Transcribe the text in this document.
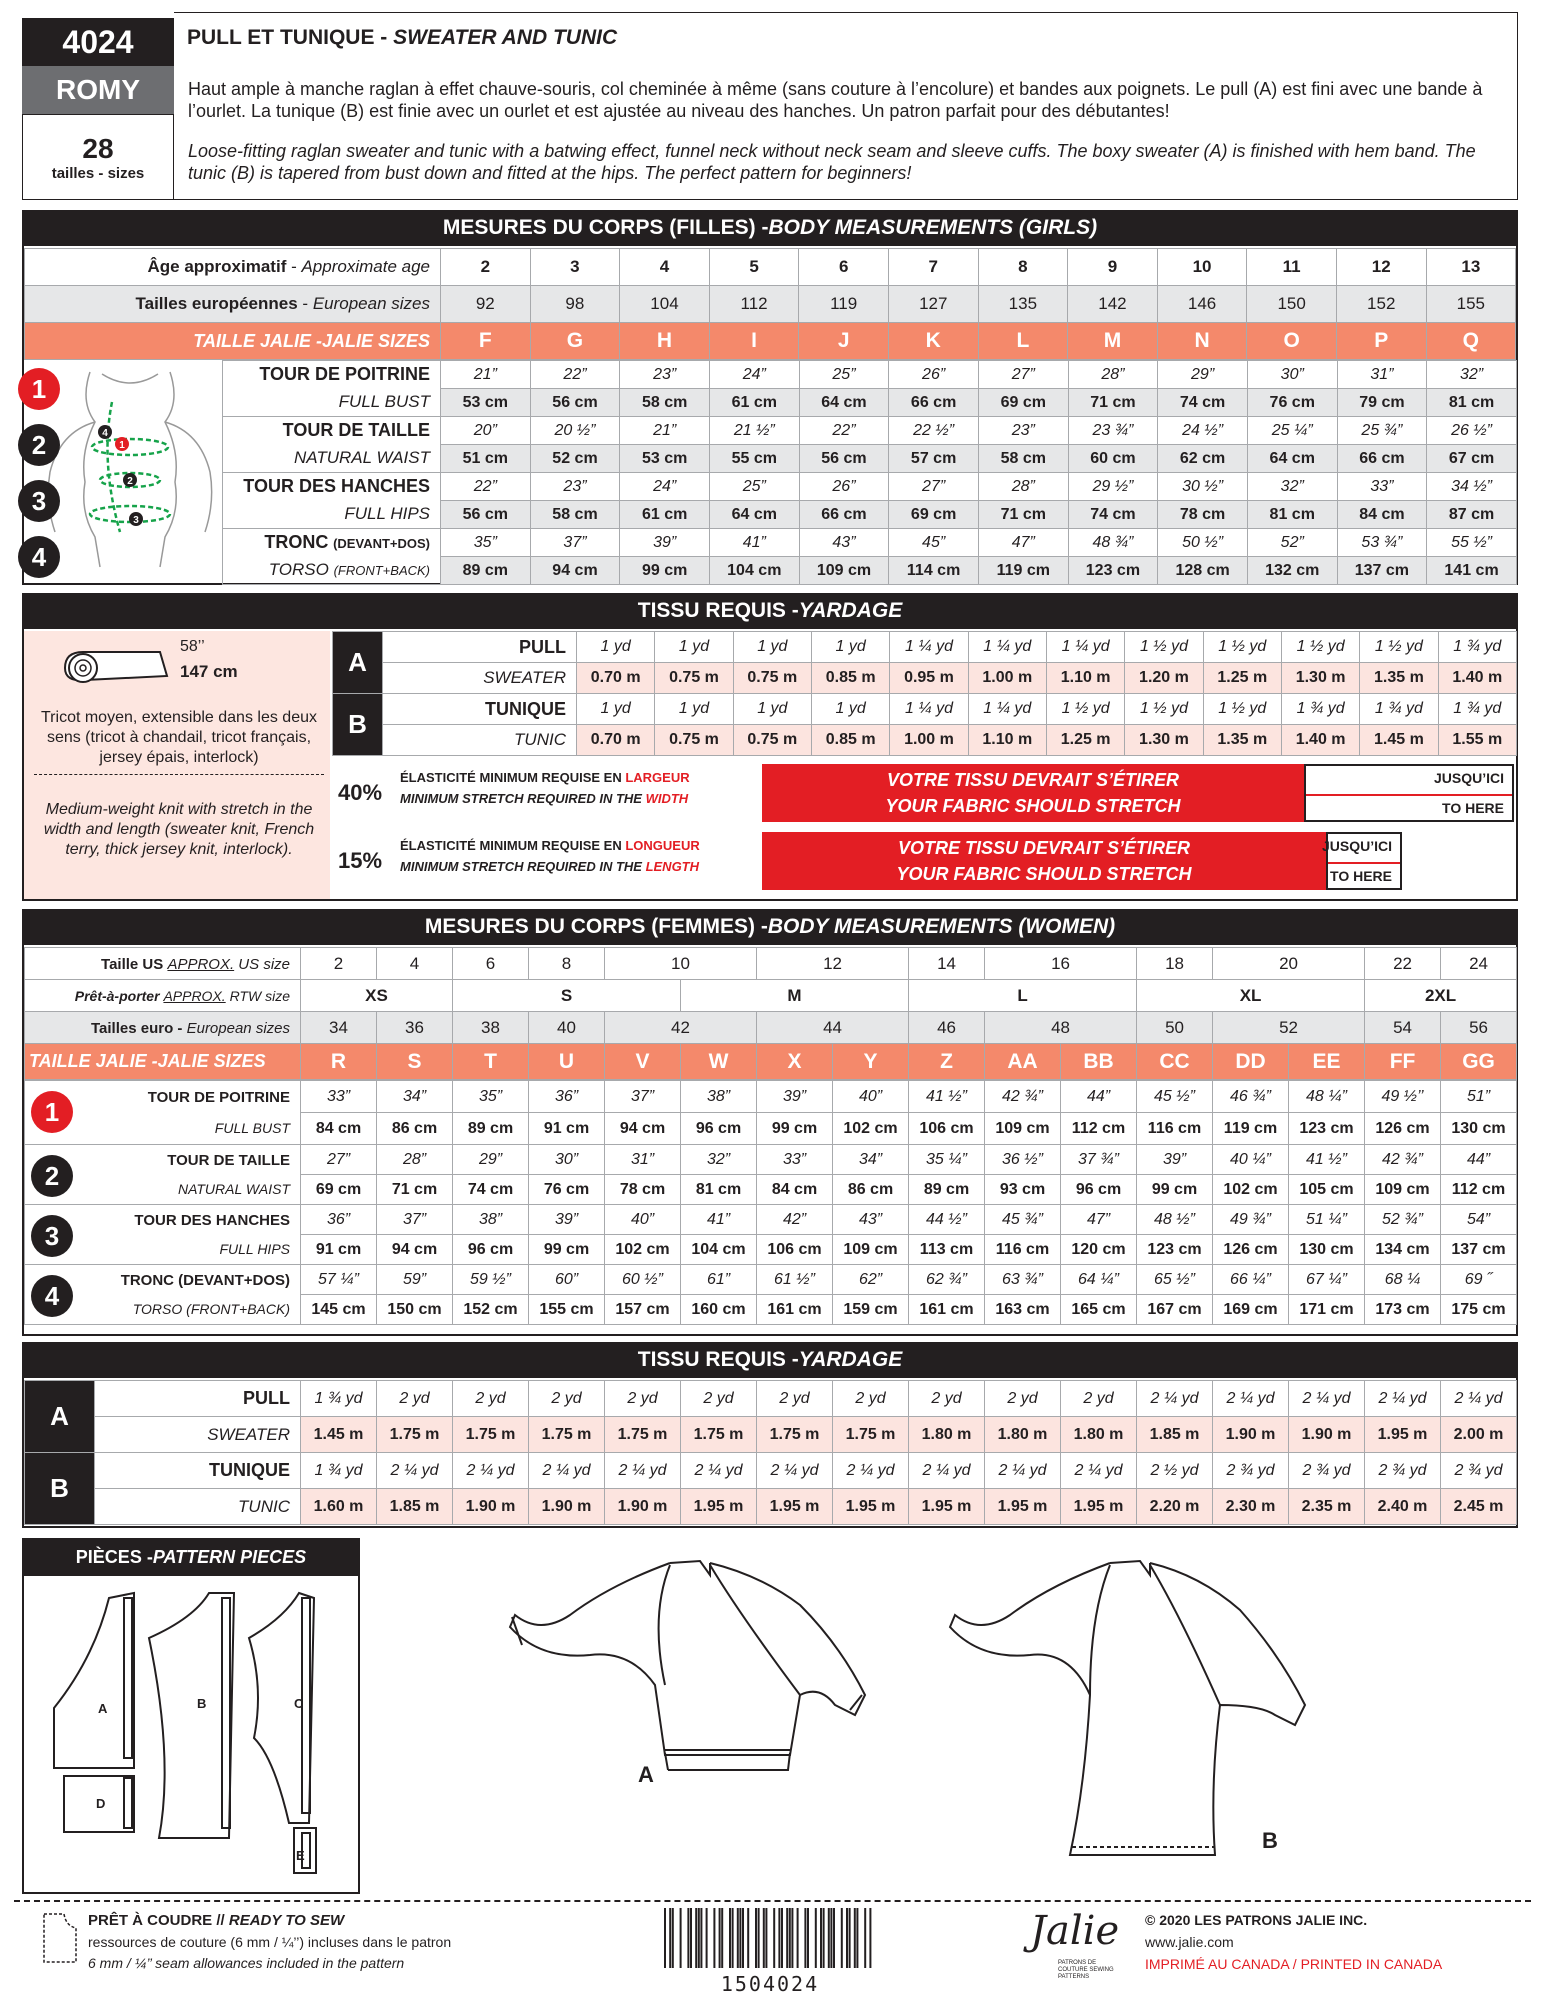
4024
ROMY
28
tailles - sizes
PULL ET TUNIQUE - SWEATER AND TUNIC
Haut ample à manche raglan à effet chauve-souris, col cheminée à même (sans couture à l’encolure) et bandes aux poignets. Le pull (A) est fini avec une bande à l’ourlet. La tunique (B) est finie avec un ourlet et est ajustée au niveau des hanches. Un patron parfait pour des débutantes!
Loose-fitting raglan sweater and tunic with a batwing effect, funnel neck without neck seam and sleeve cuffs. The boxy sweater (A) is finished with hem band. The tunic (B) is tapered from bust down and fitted at the hips. The perfect pattern for beginners!
MESURES DU CORPS (FILLES) - BODY MEASUREMENTS (GIRLS)
Âge approximatif - Approximate age	2	3	4	5	6	7	8	9	10	11	12	13
Tailles européennes - European sizes	92	98	104	112	119	127	135	142	146	150	152	155
TAILLE JALIE -JALIE SIZES	F	G	H	I	J	K	L	M	N	O	P	Q
1
2
3
4
1 TOUR DE POITRINE	21”	22”	23”	24”	25”	26”	27”	28”	29”	30”	31”	32”
FULL BUST	53 cm	56 cm	58 cm	61 cm	64 cm	66 cm	69 cm	71 cm	74 cm	76 cm	79 cm	81 cm

2 TOUR DE TAILLE	20”	20 ½”	21”	21 ½”	22”	22 ½”	23”	23 ¾”	24 ½”	25 ¼”	25 ¾”	26 ½”
NATURAL WAIST	51 cm	52 cm	53 cm	55 cm	56 cm	57 cm	58 cm	60 cm	62 cm	64 cm	66 cm	67 cm

3 TOUR DES HANCHES	22”	23”	24”	25”	26”	27”	28”	29 ½”	30 ½”	32”	33”	34 ½”
FULL HIPS	56 cm	58 cm	61 cm	64 cm	66 cm	69 cm	71 cm	74 cm	78 cm	81 cm	84 cm	87 cm

4 TRONC (DEVANT+DOS)	35”	37”	39”	41”	43”	45”	47”	48 ¾”	50 ½”	52”	53 ¾”	55 ½”
TORSO (FRONT+BACK)	89 cm	94 cm	99 cm	104 cm	109 cm	114 cm	119 cm	123 cm	128 cm	132 cm	137 cm	141 cm
TISSU REQUIS - YARDAGE
58’’
147 cm
Tricot moyen, extensible dans les deux sens (tricot à chandail, tricot français, jersey épais, interlock)
Medium-weight knit with stretch in the width and length (sweater knit, French terry, thick jersey knit, interlock).
A	PULL	1 yd	1 yd	1 yd	1 yd	1 ¼ yd	1 ¼ yd	1 ¼ yd	1 ½ yd	1 ½ yd	1 ½ yd	1 ½ yd	1 ¾ yd
	SWEATER	0.70 m	0.75 m	0.75 m	0.85 m	0.95 m	1.00 m	1.10 m	1.20 m	1.25 m	1.30 m	1.35 m	1.40 m
B	TUNIQUE	1 yd	1 yd	1 yd	1 yd	1 ¼ yd	1 ¼ yd	1 ½ yd	1 ½ yd	1 ½ yd	1 ¾ yd	1 ¾ yd	1 ¾ yd
	TUNIC	0.70 m	0.75 m	0.75 m	0.85 m	1.00 m	1.10 m	1.25 m	1.30 m	1.35 m	1.40 m	1.45 m	1.55 m
40%
ÉLASTICITÉ MINIMUM REQUISE EN LARGEUR
MINIMUM STRETCH REQUIRED IN THE WIDTH
VOTRE TISSU DEVRAIT S’ÉTIRER
YOUR FABRIC SHOULD STRETCH
JUSQU’ICI
TO HERE
15%
ÉLASTICITÉ MINIMUM REQUISE EN LONGUEUR
MINIMUM STRETCH REQUIRED IN THE LENGTH
VOTRE TISSU DEVRAIT S’ÉTIRER
YOUR FABRIC SHOULD STRETCH
JUSQU’ICI
TO HERE
MESURES DU CORPS (FEMMES) - BODY MEASUREMENTS (WOMEN)
Taille US APPROX. US size	2	4	6	8	10		12		14	16		18	20		22	24
Prêt-à-porter APPROX. RTW size	XS		S			M			L			XL			2XL	
Tailles euro - European sizes	34	36	38	40	42		44		46	48		50	52		54	56
TAILLE JALIE -JALIE SIZES	R	S	T	U	V	W	X	Y	Z	AA	BB	CC	DD	EE	FF	GG
1 TOUR DE POITRINE	33”	34”	35”	36”	37”	38”	39”	40”	41 ½”	42 ¾”	44”	45 ½”	46 ¾”	48 ¼”	49 ½’’	51”
FULL BUST	84 cm	86 cm	89 cm	91 cm	94 cm	96 cm	99 cm	102 cm	106 cm	109 cm	112 cm	116 cm	119 cm	123 cm	126 cm	130 cm

2
TOUR DE TAILLE	27”	28”	29”	30”	31”	32”	33”	34”	35 ¼”	36 ½”	37 ¾”	39”	40 ¼”	41 ½”	42 ¾”	44”
NATURAL WAIST	69 cm	71 cm	74 cm	76 cm	78 cm	81 cm	84 cm	86 cm	89 cm	93 cm	96 cm	99 cm	102 cm	105 cm	109 cm	112 cm

3
TOUR DES HANCHES	36”	37”	38”	39”	40”	41”	42”	43”	44 ½”	45 ¾”	47”	48 ½”	49 ¾”	51 ¼”	52 ¾”	54”
FULL HIPS	91 cm	94 cm	96 cm	99 cm	102 cm	104 cm	106 cm	109 cm	113 cm	116 cm	120 cm	123 cm	126 cm	130 cm	134 cm	137 cm

4
TRONC (DEVANT+DOS)	57 ¼”	59”	59 ½”	60”	60 ½”	61”	61 ½”	62”	62 ¾”	63 ¾”	64 ¼”	65 ½”	66 ¼”	67 ¼”	68 ¼	69 ˝
TORSO (FRONT+BACK)	145 cm	150 cm	152 cm	155 cm	157 cm	160 cm	161 cm	159 cm	161 cm	163 cm	165 cm	167 cm	169 cm	171 cm	173 cm	175 cm
TISSU REQUIS - YARDAGE
A	PULL	1 ¾ yd	2 yd	2 yd	2 yd	2 yd	2 yd	2 yd	2 yd	2 yd	2 yd	2 yd	2 ¼ yd	2 ¼ yd	2 ¼ yd	2 ¼ yd	2 ¼ yd
	SWEATER	1.45 m	1.75 m	1.75 m	1.75 m	1.75 m	1.75 m	1.75 m	1.75 m	1.80 m	1.80 m	1.80 m	1.85 m	1.90 m	1.90 m	1.95 m	2.00 m
B	TUNIQUE	1 ¾ yd	2 ¼ yd	2 ¼ yd	2 ¼ yd	2 ¼ yd	2 ¼ yd	2 ¼ yd	2 ¼ yd	2 ¼ yd	2 ¼ yd	2 ¼ yd	2 ½ yd	2 ¾ yd	2 ¾ yd	2 ¾ yd	2 ¾ yd
	TUNIC	1.60 m	1.85 m	1.90 m	1.90 m	1.90 m	1.95 m	1.95 m	1.95 m	1.95 m	1.95 m	1.95 m	2.20 m	2.30 m	2.35 m	2.40 m	2.45 m
PIÈCES - PATTERN PIECES
A	B	C
D
E
A
B
PRÊT À COUDRE // READY TO SEW
ressources de couture (6 mm / ¼’’) incluses dans le patron
6 mm / ¼’’ seam allowances included in the pattern
1504024
Jalie
PATRONS DE COUTURE SEWING PATTERNS
© 2020 LES PATRONS JALIE INC.
www.jalie.com
IMPRIMÉ AU CANADA / PRINTED IN CANADA
